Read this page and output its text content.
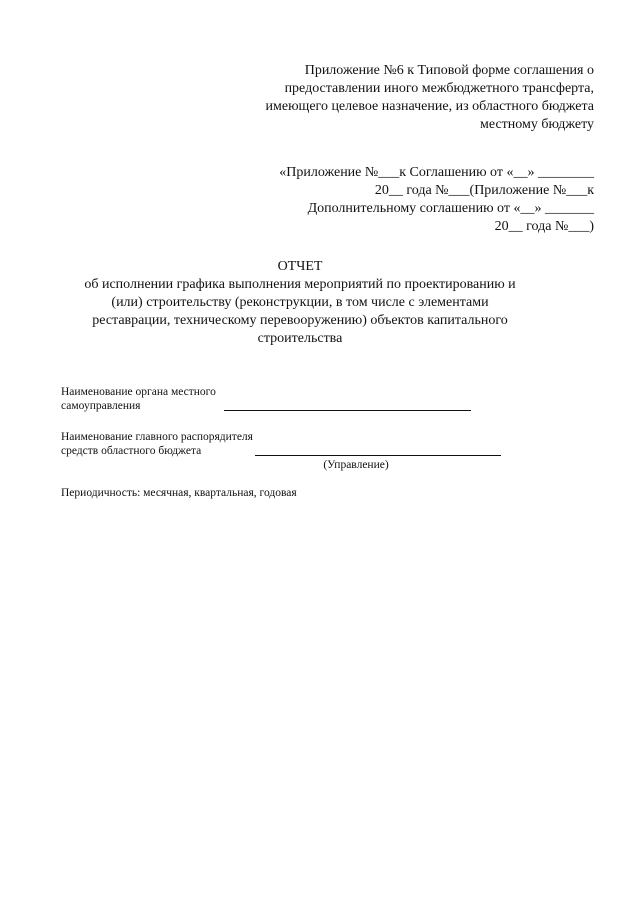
Приложение №6 к Типовой форме соглашения о
предоставлении иного межбюджетного трансферта,
имеющего целевое назначение, из областного бюджета
местному бюджету
«Приложение №___к Соглашению от «__» ________
20__ года №___(Приложение №___к
Дополнительному соглашению от «__» _______
20__ года №___)
ОТЧЕТ
об исполнении графика выполнения мероприятий по проектированию и
(или) строительству (реконструкции, в том числе с элементами
реставрации, техническому перевооружению) объектов капитального
строительства
Наименование органа местного
самоуправления
Наименование главного распорядителя
средств областного бюджета
(Управление)
Периодичность: месячная, квартальная, годовая
